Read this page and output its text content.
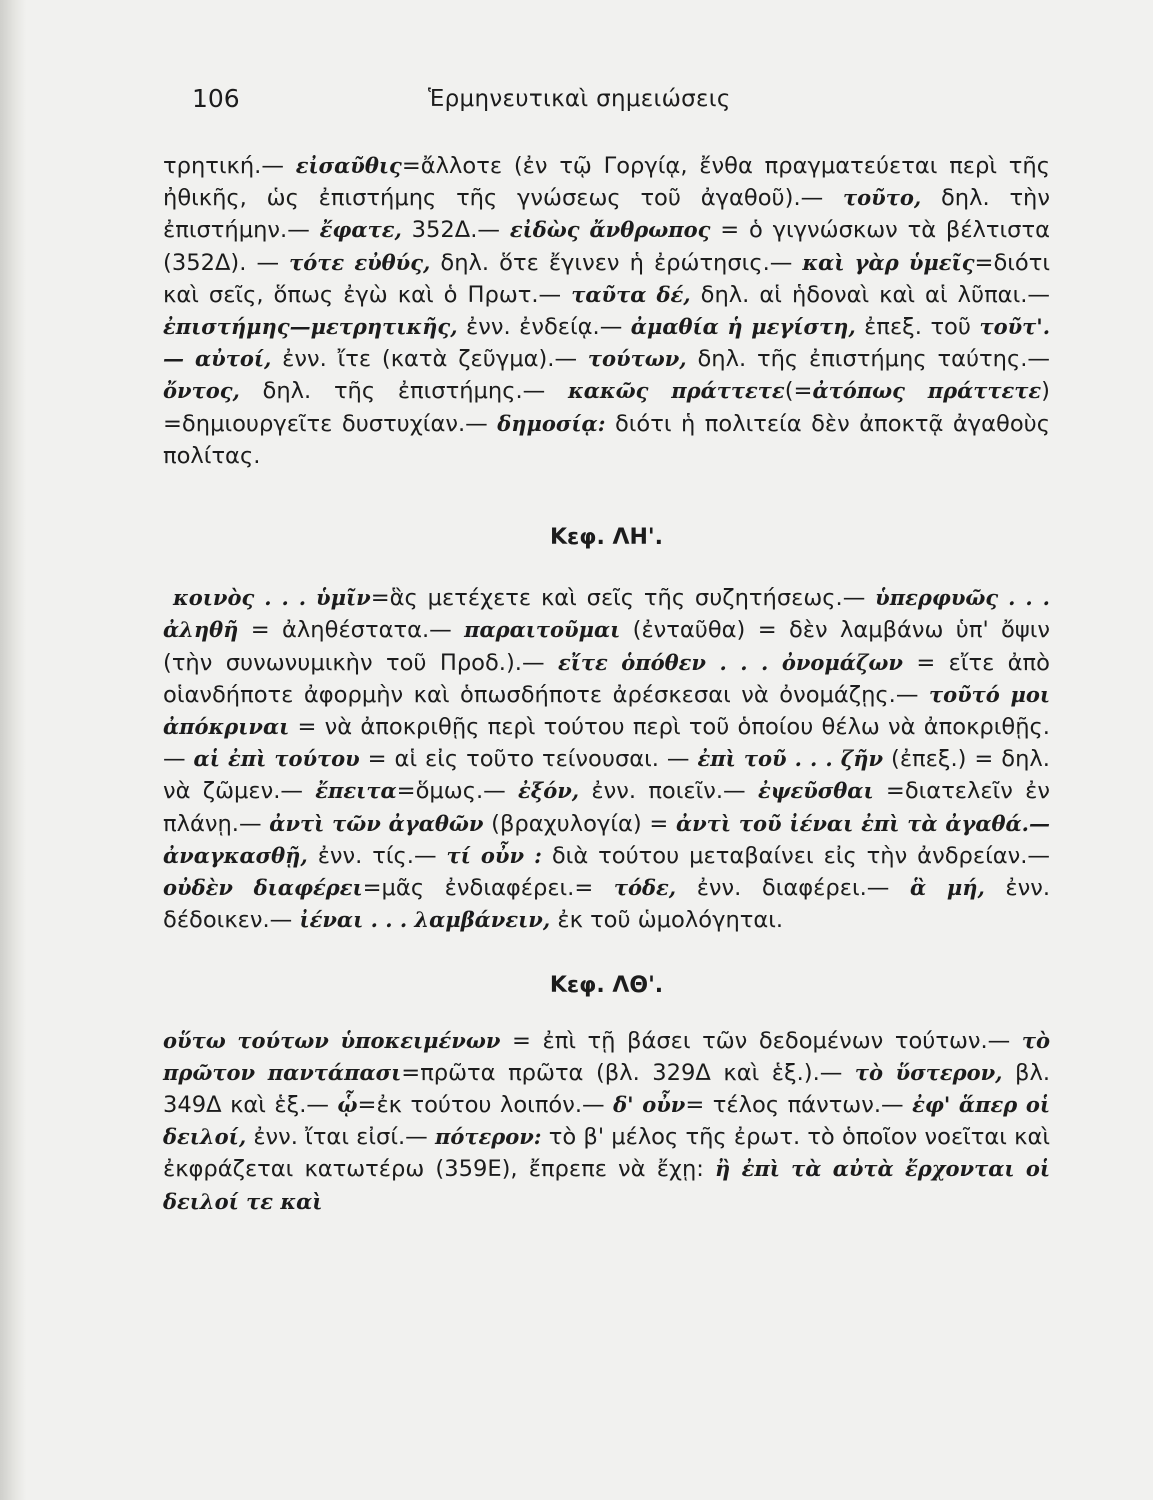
106	Ἑρμηνευτικαὶ σημειώσεις

τρητική.— εἰσαῦθις=ἄλλοτε (ἐν τῷ Γοργίᾳ, ἔνθα πραγματεύεται περὶ τῆς ἠθικῆς, ὡς ἐπιστήμης τῆς γνώσεως τοῦ ἀγαθοῦ).— τοῦτο, δηλ. τὴν ἐπιστήμην.— ἔφατε, 352Δ.— εἰδὼς ἄνθρωπος = ὁ γιγνώσκων τὰ βέλτιστα (352Δ). — τότε εὐθύς, δηλ. ὅτε ἔγινεν ἡ ἐρώτησις.— καὶ γὰρ ὑμεῖς=διότι καὶ σεῖς, ὅπως ἐγὼ καὶ ὁ Πρωτ.— ταῦτα δέ, δηλ. αἱ ἡδοναὶ καὶ αἱ λῦπαι.— ἐπιστήμης—μετρητικῆς, ἐνν. ἐνδείᾳ.— ἀμαθία ἡ μεγίστη, ἐπεξ. τοῦ τοῦτ'.— αὐτοί, ἐνν. ἴτε (κατὰ ζεῦγμα).— τούτων, δηλ. τῆς ἐπιστήμης ταύτης.— ὄντος, δηλ. τῆς ἐπιστήμης.— κακῶς πράττετε(=ἀτόπως πράττετε) =δημιουργεῖτε δυστυχίαν.— δημοσίᾳ: διότι ἡ πολιτεία δὲν ἀποκτᾷ ἀγαθοὺς πολίτας.

Κεφ. ΛΗ'.

κοινὸς . . . ὑμῖν=ἃς μετέχετε καὶ σεῖς τῆς συζητήσεως.— ὑπερφυῶς . . . ἀληθῆ = ἀληθέστατα.— παραιτοῦμαι (ἐνταῦθα) = δὲν λαμβάνω ὑπ' ὄψιν (τὴν συνωνυμικὴν τοῦ Προδ.).— εἴτε ὁπόθεν . . . ὀνομάζων = εἴτε ἀπὸ οἱανδήποτε ἀφορμὴν καὶ ὁπωσδήποτε ἀρέσκεσαι νὰ ὀνομάζῃς.— τοῦτό μοι ἀπόκριναι = νὰ ἀποκριθῇς περὶ τούτου περὶ τοῦ ὁποίου θέλω νὰ ἀποκριθῇς. — αἱ ἐπὶ τούτου = αἱ εἰς τοῦτο τείνουσαι. — ἐπὶ τοῦ . . . ζῆν (ἐπεξ.) = δηλ. νὰ ζῶμεν.— ἔπειτα=ὅμως.— ἐξόν, ἐνν. ποιεῖν.— ἐψεῦσθαι =διατελεῖν ἐν πλάνῃ.— ἀντὶ τῶν ἀγαθῶν (βραχυλογία) = ἀντὶ τοῦ ἰέναι ἐπὶ τὰ ἀγαθά.— ἀναγκασθῇ, ἐνν. τίς.— τί οὖν : διὰ τούτου μεταβαίνει εἰς τὴν ἀνδρείαν.— οὐδὲν διαφέρει=μᾶς ἐνδιαφέρει.= τόδε, ἐνν. διαφέρει.— ἃ μή, ἐνν. δέδοικεν.— ἰέναι . . . λαμβάνειν, ἐκ τοῦ ὡμολόγηται.

Κεφ. ΛΘ'.

οὕτω τούτων ὑποκειμένων = ἐπὶ τῇ βάσει τῶν δεδομένων τούτων.— τὸ πρῶτον παντάπασι=πρῶτα πρῶτα (βλ. 329Δ καὶ ἑξ.).— τὸ ὕστερον, βλ. 349Δ καὶ ἑξ.— ᾧ=ἐκ τούτου λοιπόν.— δ' οὖν= τέλος πάντων.— ἐφ' ἅπερ οἱ δειλοί, ἐνν. ἴται εἰσί.— πότερον: τὸ β' μέλος τῆς ἐρωτ. τὸ ὁποῖον νοεῖται καὶ ἐκφράζεται κατωτέρω (359Ε), ἔπρεπε νὰ ἔχῃ: ἢ ἐπὶ τὰ αὐτὰ ἔρχονται οἱ δειλοί τε καὶ
